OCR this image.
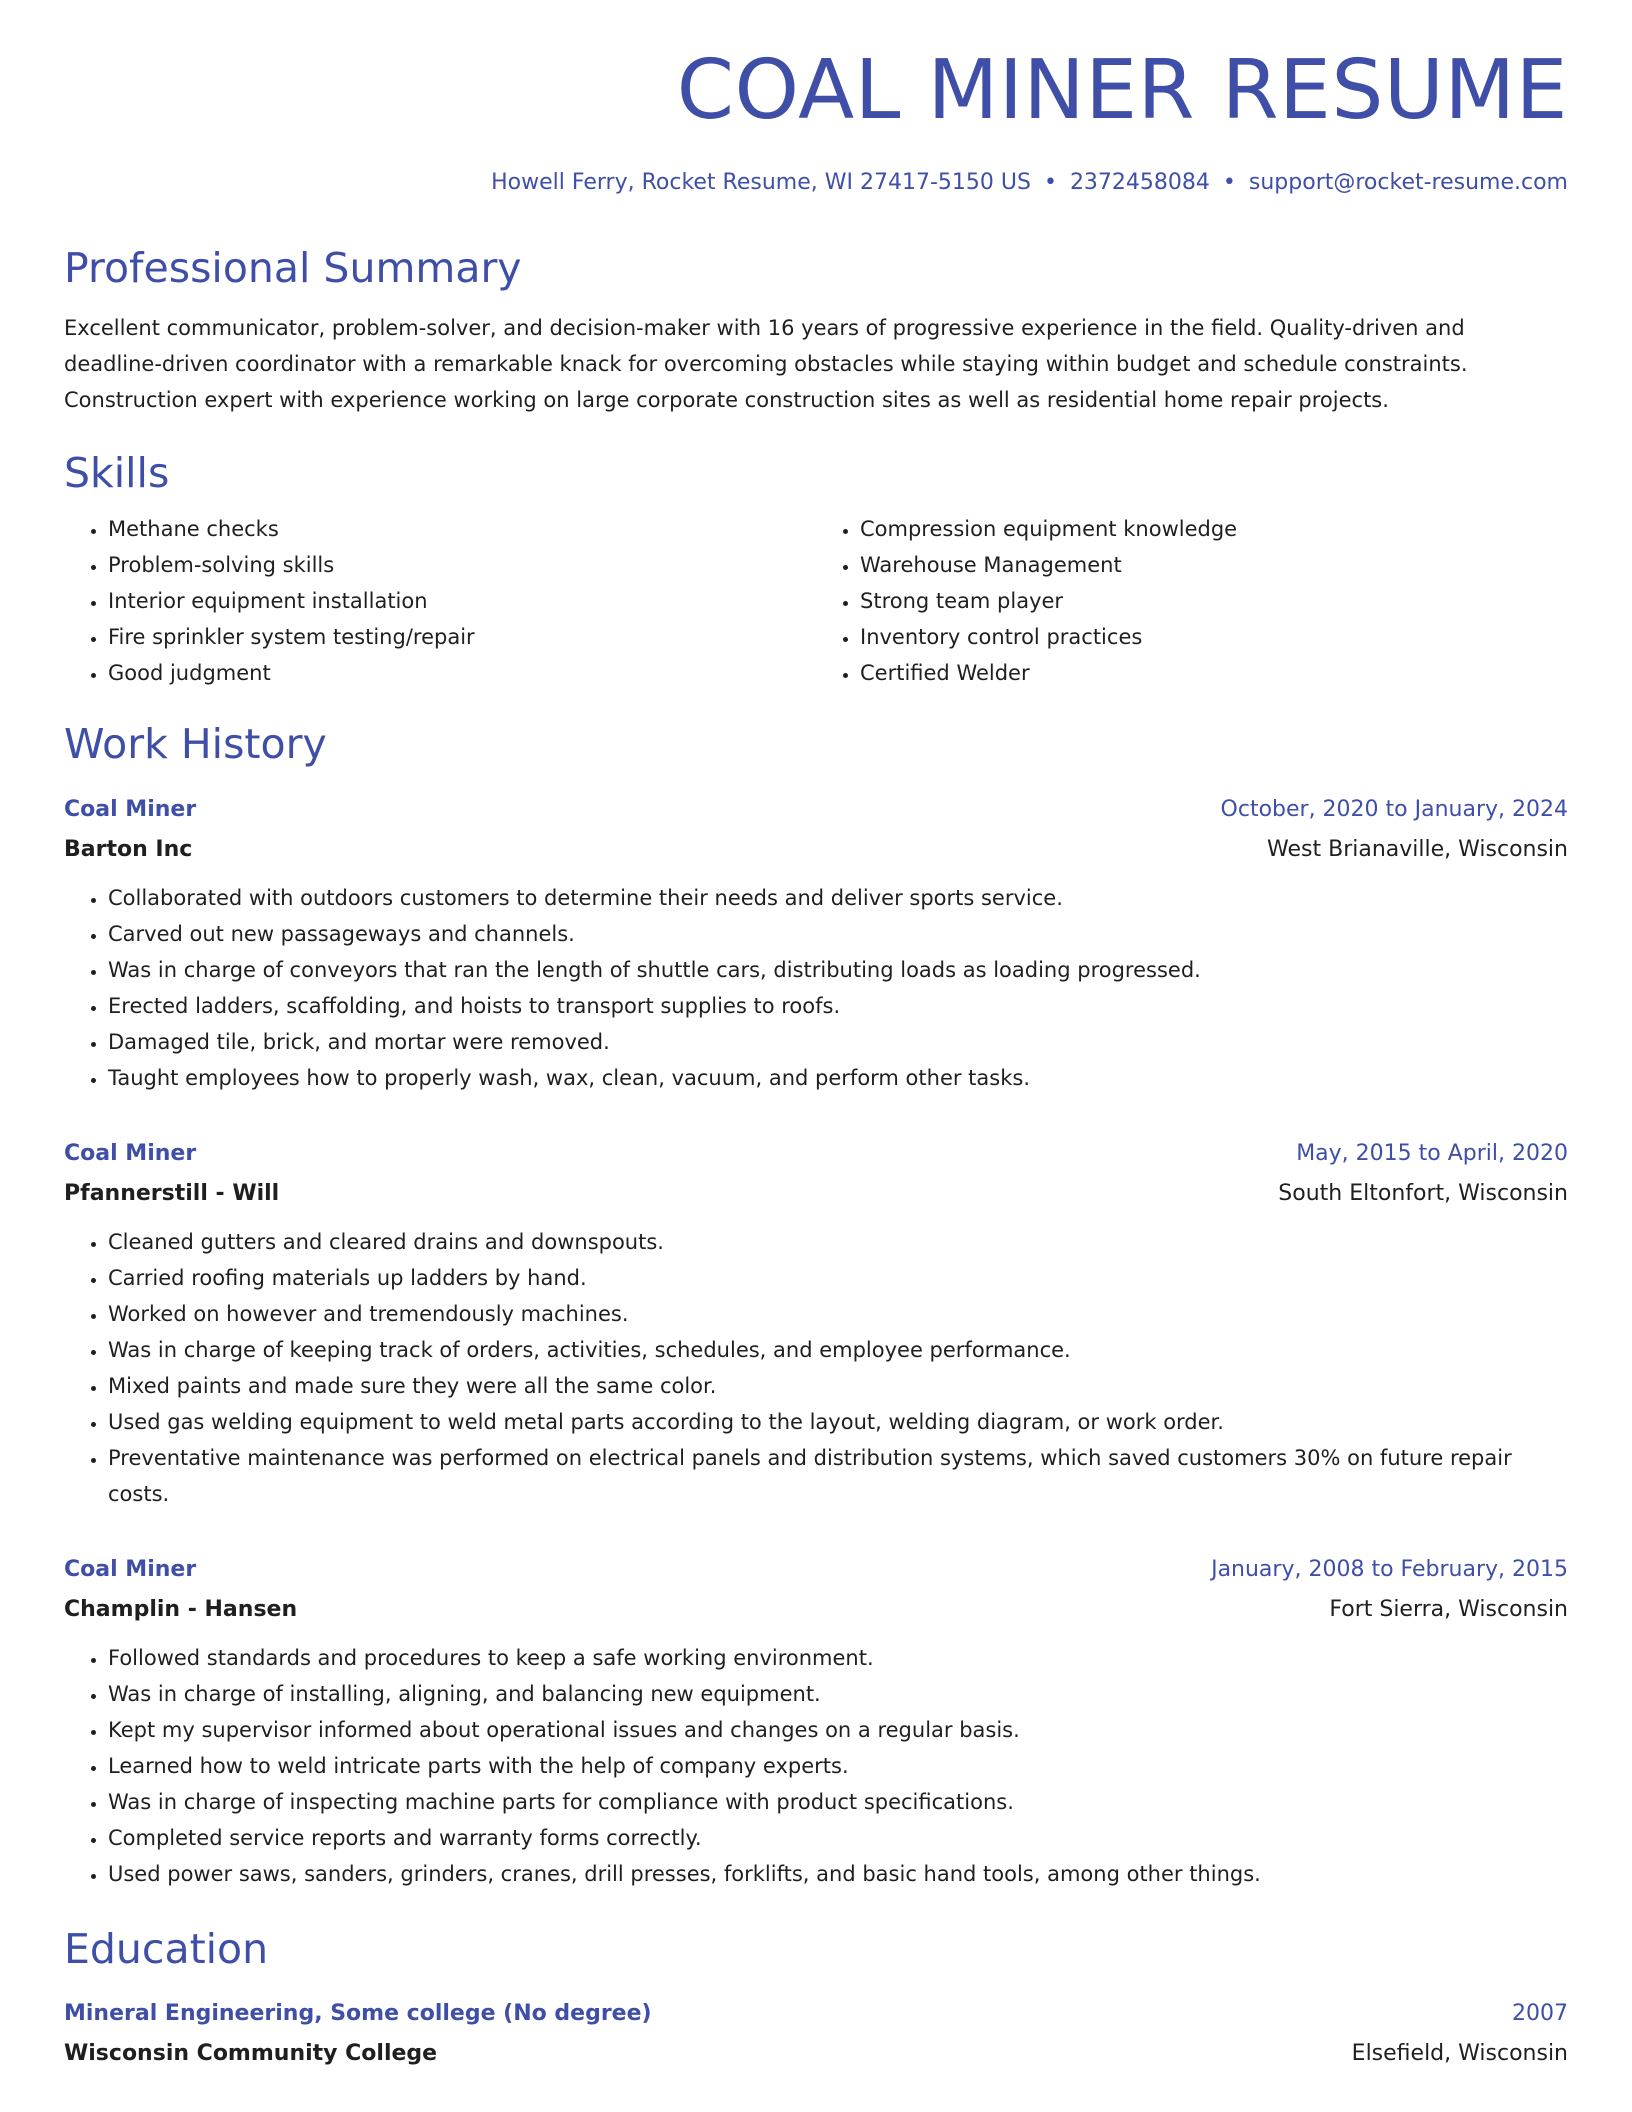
COAL MINER RESUME
Howell Ferry, Rocket Resume, WI 27417-5150 US • 2372458084 • support@rocket-resume.com
Professional Summary

Excellent communicator, problem-solver, and decision-maker with 16 years of progressive experience in the field. Quality-driven and deadline-driven coordinator with a remarkable knack for overcoming obstacles while staying within budget and schedule constraints. Construction expert with experience working on large corporate construction sites as well as residential home repair projects.

Skills
• Methane checks
• Problem-solving skills
• Interior equipment installation
• Fire sprinkler system testing/repair
• Good judgment
• Compression equipment knowledge
• Warehouse Management
• Strong team player
• Inventory control practices
• Certified Welder
Work History
Coal Miner	October, 2020 to January, 2024
Barton Inc	West Brianaville, Wisconsin
• Collaborated with outdoors customers to determine their needs and deliver sports service.
• Carved out new passageways and channels.
• Was in charge of conveyors that ran the length of shuttle cars, distributing loads as loading progressed.
• Erected ladders, scaffolding, and hoists to transport supplies to roofs.
• Damaged tile, brick, and mortar were removed.
• Taught employees how to properly wash, wax, clean, vacuum, and perform other tasks.
Coal Miner	May, 2015 to April, 2020
Pfannerstill - Will	South Eltonfort, Wisconsin
• Cleaned gutters and cleared drains and downspouts.
• Carried roofing materials up ladders by hand.
• Worked on however and tremendously machines.
• Was in charge of keeping track of orders, activities, schedules, and employee performance.
• Mixed paints and made sure they were all the same color.
• Used gas welding equipment to weld metal parts according to the layout, welding diagram, or work order.
• Preventative maintenance was performed on electrical panels and distribution systems, which saved customers 30% on future repair costs.
Coal Miner	January, 2008 to February, 2015
Champlin - Hansen	Fort Sierra, Wisconsin
• Followed standards and procedures to keep a safe working environment.
• Was in charge of installing, aligning, and balancing new equipment.
• Kept my supervisor informed about operational issues and changes on a regular basis.
• Learned how to weld intricate parts with the help of company experts.
• Was in charge of inspecting machine parts for compliance with product specifications.
• Completed service reports and warranty forms correctly.
• Used power saws, sanders, grinders, cranes, drill presses, forklifts, and basic hand tools, among other things.
Education
Mineral Engineering, Some college (No degree)	2007
Wisconsin Community College	Elsefield, Wisconsin
